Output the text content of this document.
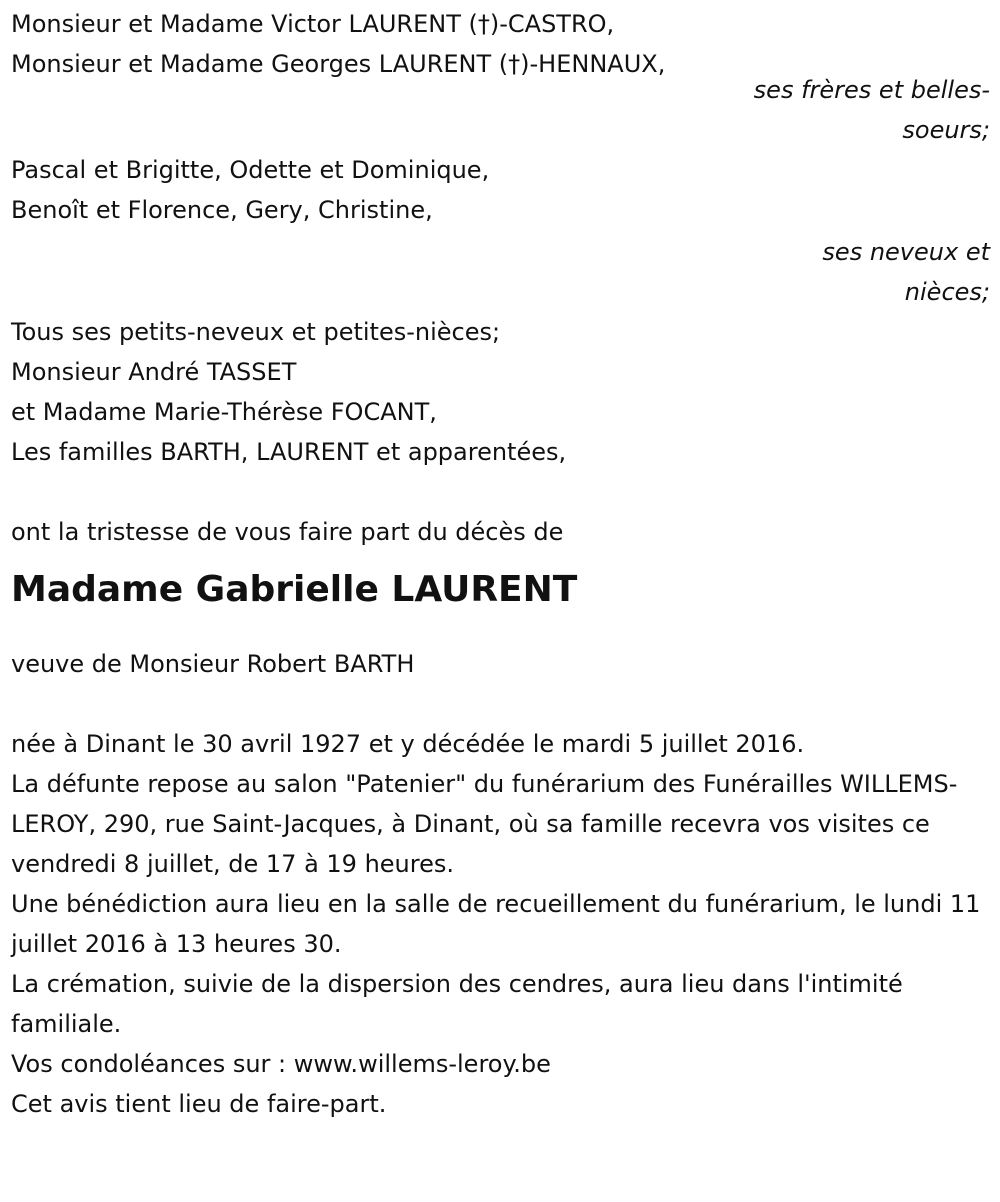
Monsieur et Madame Victor LAURENT (†)-CASTRO,
Monsieur et Madame Georges LAURENT (†)-HENNAUX,
ses frères et belles-
soeurs;
Pascal et Brigitte, Odette et Dominique,
Benoît et Florence, Gery, Christine,
ses neveux et
nièces;
Tous ses petits-neveux et petites-nièces;
Monsieur André TASSET
et Madame Marie-Thérèse FOCANT,
Les familles BARTH, LAURENT et apparentées,
ont la tristesse de vous faire part du décès de
Madame Gabrielle LAURENT
veuve de Monsieur Robert BARTH
née à Dinant le 30 avril 1927 et y décédée le mardi 5 juillet 2016.
La défunte repose au salon "Patenier" du funérarium des Funérailles WILLEMS-LEROY, 290, rue Saint-Jacques, à Dinant, où sa famille recevra vos visites ce vendredi 8 juillet, de 17 à 19 heures.
Une bénédiction aura lieu en la salle de recueillement du funérarium, le lundi 11 juillet 2016 à 13 heures 30.
La crémation, suivie de la dispersion des cendres, aura lieu dans l'intimité familiale.
Vos condoléances sur : www.willems-leroy.be
Cet avis tient lieu de faire-part.
